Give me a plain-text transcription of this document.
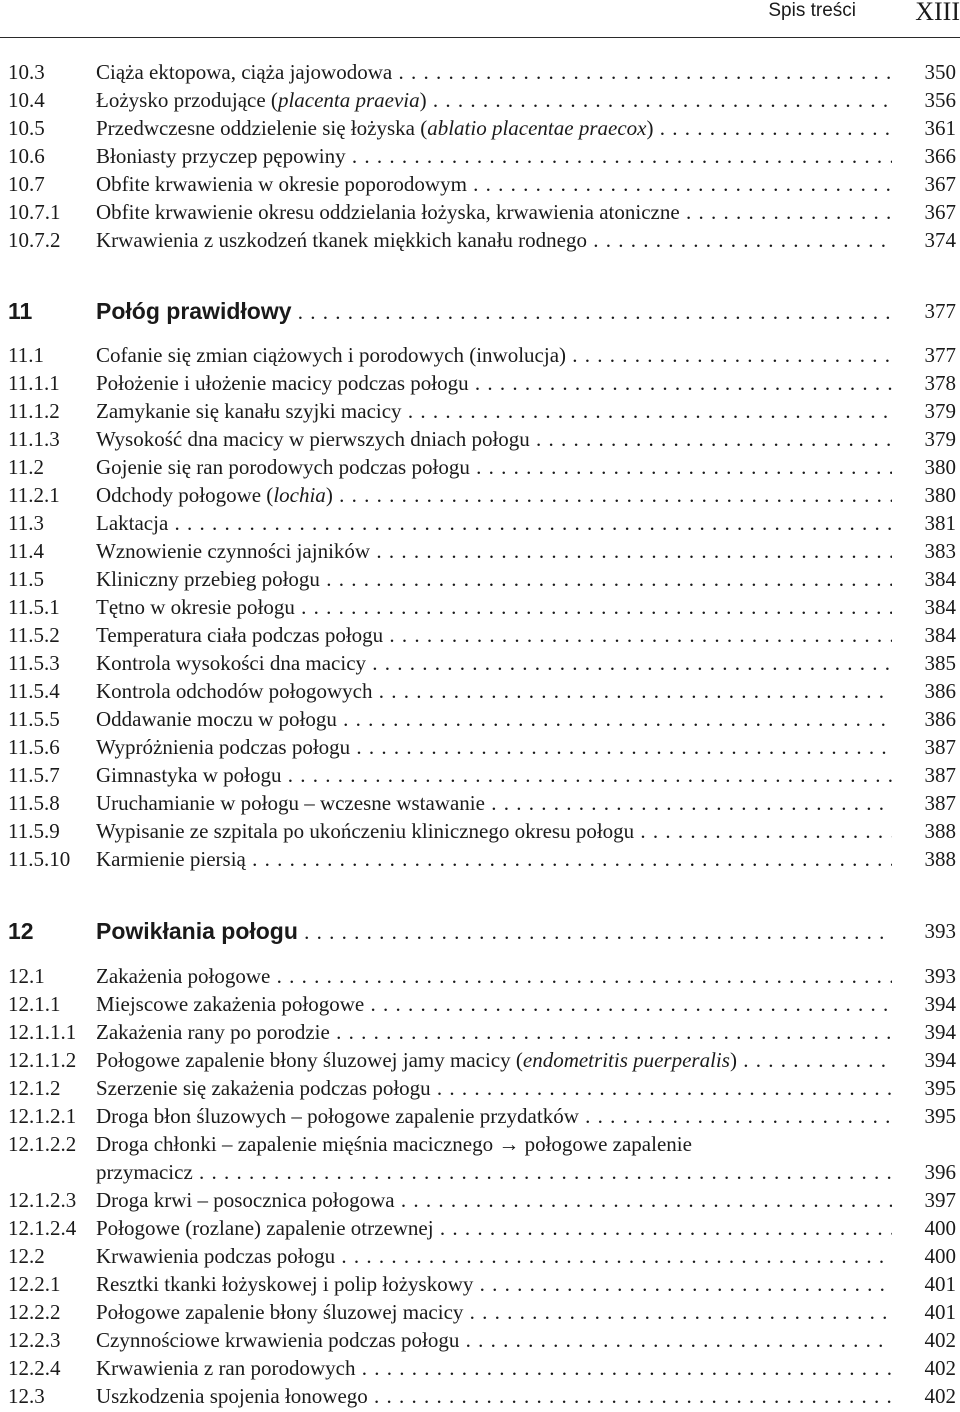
Spis treści XIII
10.3 Ciąża ektopowa, ciąża jajowodowa . . .	350
10.4 Łożysko przodujące (placenta praevia) . . .	356
10.5 Przedwczesne oddzielenie się łożyska (ablatio placentae praecox) . . .	361
10.6 Błoniasty przyczep pępowiny . . .	366
10.7 Obfite krwawienia w okresie poporodowym . . .	367
10.7.1 Obfite krwawienie okresu oddzielania łożyska, krwawienia atoniczne . . .	367
10.7.2 Krwawienia z uszkodzeń tkanek miękkich kanału rodnego . . .	374
11	Połóg prawidłowy . . .	377
11.1 Cofanie się zmian ciążowych i porodowych (inwolucja) . . .	377
11.1.1 Położenie i ułożenie macicy podczas połogu . . .	378
11.1.2 Zamykanie się kanału szyjki macicy . . .	379
11.1.3 Wysokość dna macicy w pierwszych dniach połogu . . .	379
11.2 Gojenie się ran porodowych podczas połogu . . .	380
11.2.1 Odchody połogowe (lochia) . . .	380
11.3 Laktacja . . .	381
11.4 Wznowienie czynności jajników . . .	383
11.5 Kliniczny przebieg połogu . . .	384
11.5.1 Tętno w okresie połogu . . .	384
11.5.2 Temperatura ciała podczas połogu . . .	384
11.5.3 Kontrola wysokości dna macicy . . .	385
11.5.4 Kontrola odchodów połogowych . . .	386
11.5.5 Oddawanie moczu w połogu . . .	386
11.5.6 Wypróżnienia podczas połogu . . .	387
11.5.7 Gimnastyka w połogu . . .	387
11.5.8 Uruchamianie w połogu – wczesne wstawanie . . .	387
11.5.9 Wypisanie ze szpitala po ukończeniu klinicznego okresu połogu . . .	388
11.5.10 Karmienie piersią . . .	388
12	Powikłania połogu . . .	393
12.1 Zakażenia połogowe . . .	393
12.1.1 Miejscowe zakażenia połogowe . . .	394
12.1.1.1 Zakażenia rany po porodzie . . .	394
12.1.1.2 Połogowe zapalenie błony śluzowej jamy macicy (endometritis puerperalis) . . .	394
12.1.2 Szerzenie się zakażenia podczas połogu . . .	395
12.1.2.1 Droga błon śluzowych – połogowe zapalenie przydatków . . .	395
12.1.2.2 Droga chłonki – zapalenie mięśnia macicznego → połogowe zapalenie
przymacicz . . .	396
12.1.2.3 Droga krwi – posocznica połogowa . . .	397
12.1.2.4 Połogowe (rozlane) zapalenie otrzewnej . . .	400
12.2 Krwawienia podczas połogu . . .	400
12.2.1 Resztki tkanki łożyskowej i polip łożyskowy . . .	401
12.2.2 Połogowe zapalenie błony śluzowej macicy . . .	401
12.2.3 Czynnościowe krwawienia podczas połogu . . .	402
12.2.4 Krwawienia z ran porodowych . . .	402
12.3 Uszkodzenia spojenia łonowego . . .	402
